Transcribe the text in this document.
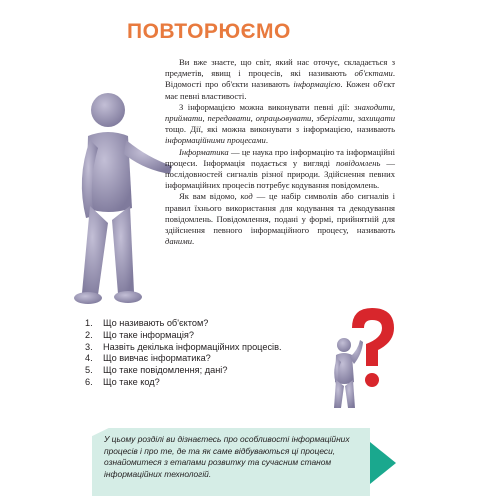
ПОВТОРЮЄМО

Ви вже знаєте, що світ, який нас оточує, складається з предметів, явищ і процесів, які називають об'єктами. Відомості про об'єкти називають інформацією. Кожен об'єкт має певні властивості.

З інформацією можна виконувати певні дії: знаходити, приймати, передавати, опрацьовувати, зберігати, захищати тощо. Дії, які можна виконувати з інформацією, називають інформаційними процесами.

Інформатика — це наука про інформацію та інформаційні процеси. Інформація подається у вигляді повідомлень — послідовностей сигналів різної природи. Здійснення певних інформаційних процесів потребує кодування повідомлень.

Як вам відомо, код — це набір символів або сигналів і правил їхнього використання для кодування та декодування повідомлень. Повідомлення, подані у формі, прийнятній для здійснення певного інформаційного процесу, називають даними.

1.	Що називають об'єктом?
2.	Що таке інформація?
3.	Назвіть декілька інформаційних процесів.
4.	Що вивчає інформатика?
5.	Що таке повідомлення; дані?
6.	Що таке код?
У цьому розділі ви дізнаєтесь про особливості інформаційних процесів і про те, де та як саме відбуваються ці процеси, ознайомитеся з етапами розвитку та сучасним станом інформаційних технологій.
